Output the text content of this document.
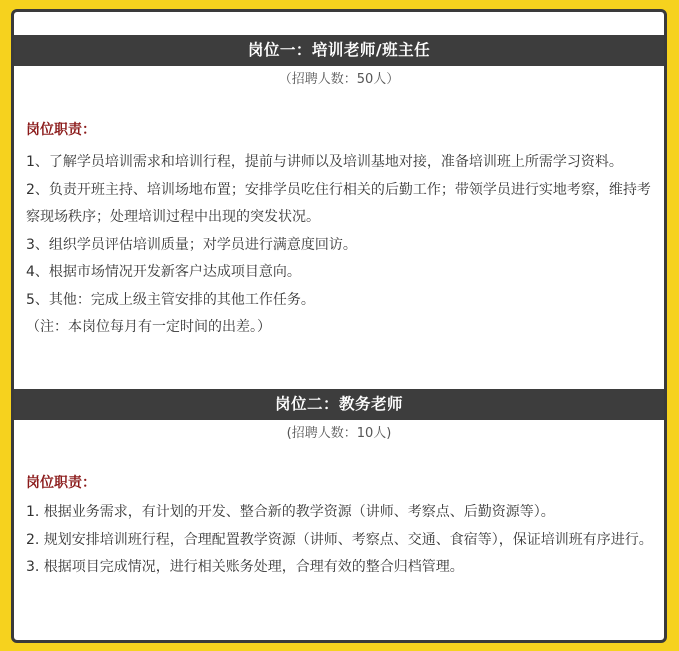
岗位一：培训老师/班主任
（招聘人数：50人）
岗位职责：
1、了解学员培训需求和培训行程，提前与讲师以及培训基地对接，准备培训班上所需学习资料。
2、负责开班主持、培训场地布置；安排学员吃住行相关的后勤工作；带领学员进行实地考察，维持考察现场秩序；处理培训过程中出现的突发状况。
3、组织学员评估培训质量；对学员进行满意度回访。
4、根据市场情况开发新客户达成项目意向。
5、其他：完成上级主管安排的其他工作任务。
（注：本岗位每月有一定时间的出差。）
岗位二：教务老师
(招聘人数：10人)
岗位职责：
1. 根据业务需求，有计划的开发、整合新的教学资源（讲师、考察点、后勤资源等）。
2. 规划安排培训班行程，合理配置教学资源（讲师、考察点、交通、食宿等），保证培训班有序进行。
3. 根据项目完成情况，进行相关账务处理，合理有效的整合归档管理。
